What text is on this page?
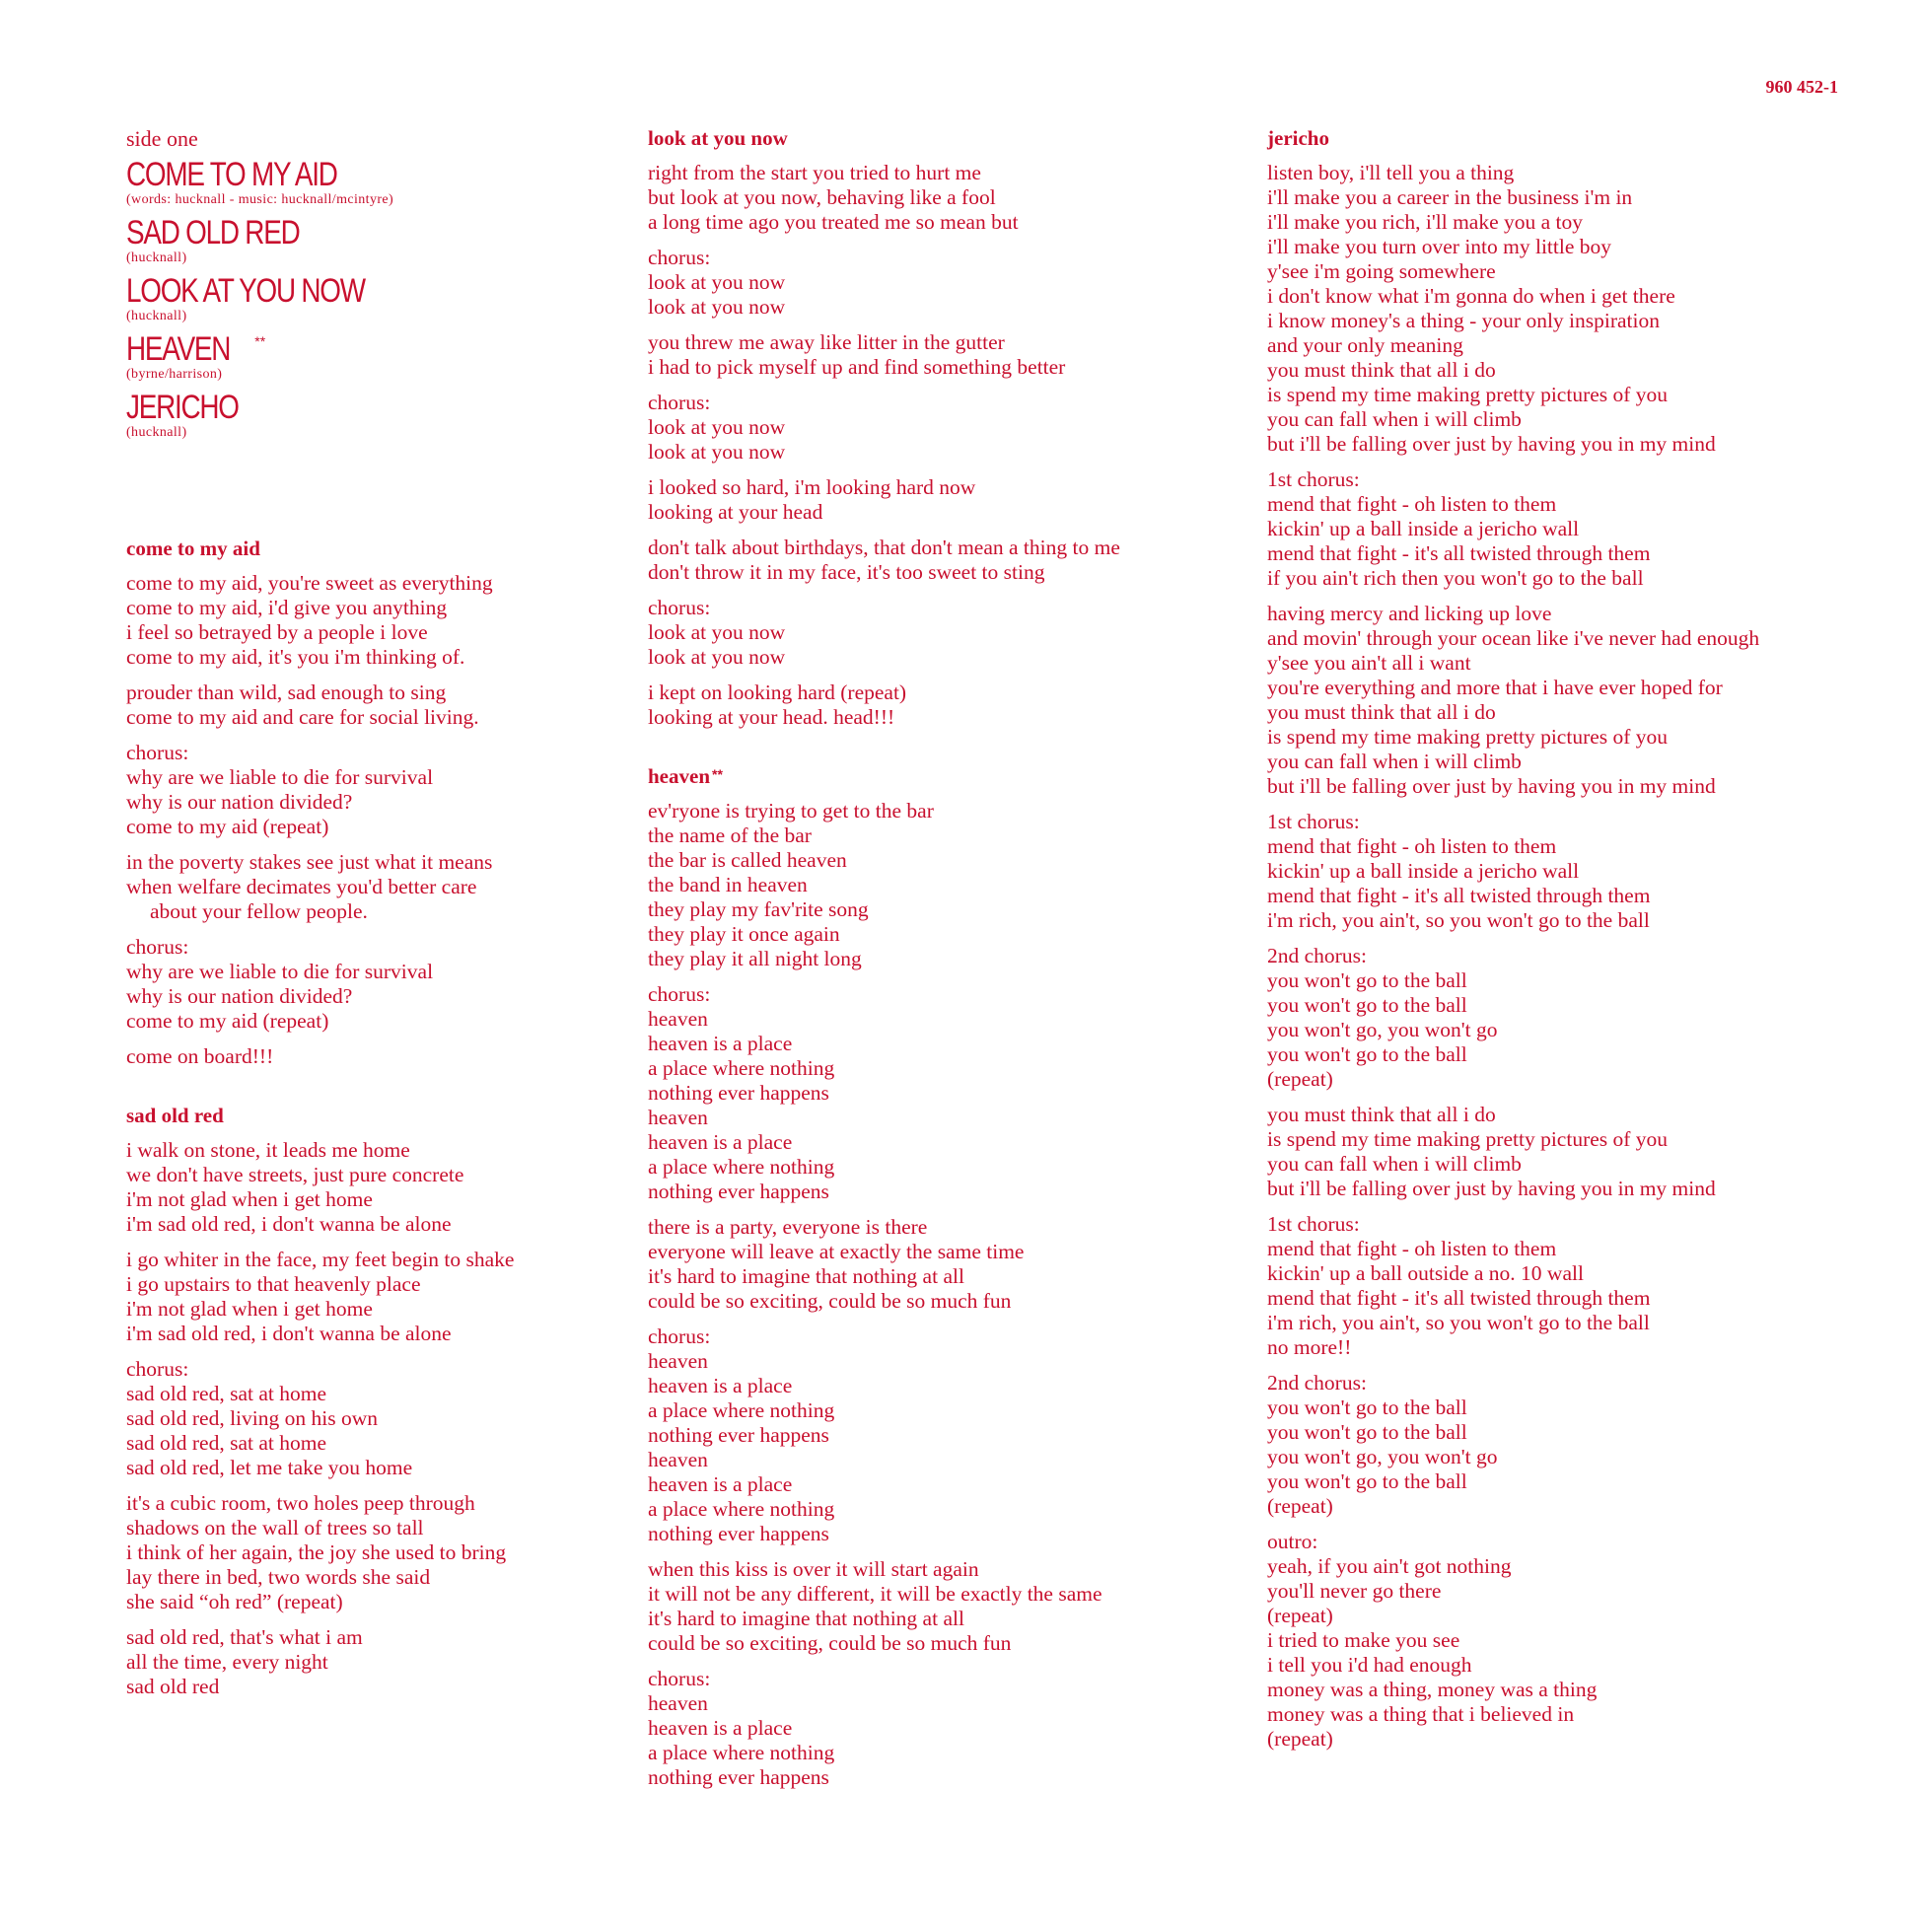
960 452-1
side one
COME TO MY AID
(words: hucknall - music: hucknall/mcintyre)
SAD OLD RED
(hucknall)
LOOK AT YOU NOW
(hucknall)
HEAVEN **
(byrne/harrison)
JERICHO
(hucknall)
come to my aid
come to my aid, you're sweet as everything
come to my aid, i'd give you anything
i feel so betrayed by a people i love
come to my aid, it's you i'm thinking of.
prouder than wild, sad enough to sing
come to my aid and care for social living.
chorus:
why are we liable to die for survival
why is our nation divided?
come to my aid (repeat)
in the poverty stakes see just what it means
when welfare decimates you'd better care
about your fellow people.
chorus:
why are we liable to die for survival
why is our nation divided?
come to my aid (repeat)
come on board!!!
sad old red
i walk on stone, it leads me home
we don't have streets, just pure concrete
i'm not glad when i get home
i'm sad old red, i don't wanna be alone
i go whiter in the face, my feet begin to shake
i go upstairs to that heavenly place
i'm not glad when i get home
i'm sad old red, i don't wanna be alone
chorus:
sad old red, sat at home
sad old red, living on his own
sad old red, sat at home
sad old red, let me take you home
it's a cubic room, two holes peep through
shadows on the wall of trees so tall
i think of her again, the joy she used to bring
lay there in bed, two words she said
she said “oh red” (repeat)
sad old red, that's what i am
all the time, every night
sad old red
look at you now
right from the start you tried to hurt me
but look at you now, behaving like a fool
a long time ago you treated me so mean but
chorus:
look at you now
look at you now
you threw me away like litter in the gutter
i had to pick myself up and find something better
chorus:
look at you now
look at you now
i looked so hard, i'm looking hard now
looking at your head
don't talk about birthdays, that don't mean a thing to me
don't throw it in my face, it's too sweet to sting
chorus:
look at you now
look at you now
i kept on looking hard (repeat)
looking at your head. head!!!
heaven **
ev'ryone is trying to get to the bar
the name of the bar
the bar is called heaven
the band in heaven
they play my fav'rite song
they play it once again
they play it all night long
chorus:
heaven
heaven is a place
a place where nothing
nothing ever happens
heaven
heaven is a place
a place where nothing
nothing ever happens
there is a party, everyone is there
everyone will leave at exactly the same time
it's hard to imagine that nothing at all
could be so exciting, could be so much fun
chorus:
heaven
heaven is a place
a place where nothing
nothing ever happens
heaven
heaven is a place
a place where nothing
nothing ever happens
when this kiss is over it will start again
it will not be any different, it will be exactly the same
it's hard to imagine that nothing at all
could be so exciting, could be so much fun
chorus:
heaven
heaven is a place
a place where nothing
nothing ever happens
jericho
listen boy, i'll tell you a thing
i'll make you a career in the business i'm in
i'll make you rich, i'll make you a toy
i'll make you turn over into my little boy
y'see i'm going somewhere
i don't know what i'm gonna do when i get there
i know money's a thing - your only inspiration
and your only meaning
you must think that all i do
is spend my time making pretty pictures of you
you can fall when i will climb
but i'll be falling over just by having you in my mind
1st chorus:
mend that fight - oh listen to them
kickin' up a ball inside a jericho wall
mend that fight - it's all twisted through them
if you ain't rich then you won't go to the ball
having mercy and licking up love
and movin' through your ocean like i've never had enough
y'see you ain't all i want
you're everything and more that i have ever hoped for
you must think that all i do
is spend my time making pretty pictures of you
you can fall when i will climb
but i'll be falling over just by having you in my mind
1st chorus:
mend that fight - oh listen to them
kickin' up a ball inside a jericho wall
mend that fight - it's all twisted through them
i'm rich, you ain't, so you won't go to the ball
2nd chorus:
you won't go to the ball
you won't go to the ball
you won't go, you won't go
you won't go to the ball
(repeat)
you must think that all i do
is spend my time making pretty pictures of you
you can fall when i will climb
but i'll be falling over just by having you in my mind
1st chorus:
mend that fight - oh listen to them
kickin' up a ball outside a no. 10 wall
mend that fight - it's all twisted through them
i'm rich, you ain't, so you won't go to the ball
no more!!
2nd chorus:
you won't go to the ball
you won't go to the ball
you won't go, you won't go
you won't go to the ball
(repeat)
outro:
yeah, if you ain't got nothing
you'll never go there
(repeat)
i tried to make you see
i tell you i'd had enough
money was a thing, money was a thing
money was a thing that i believed in
(repeat)
